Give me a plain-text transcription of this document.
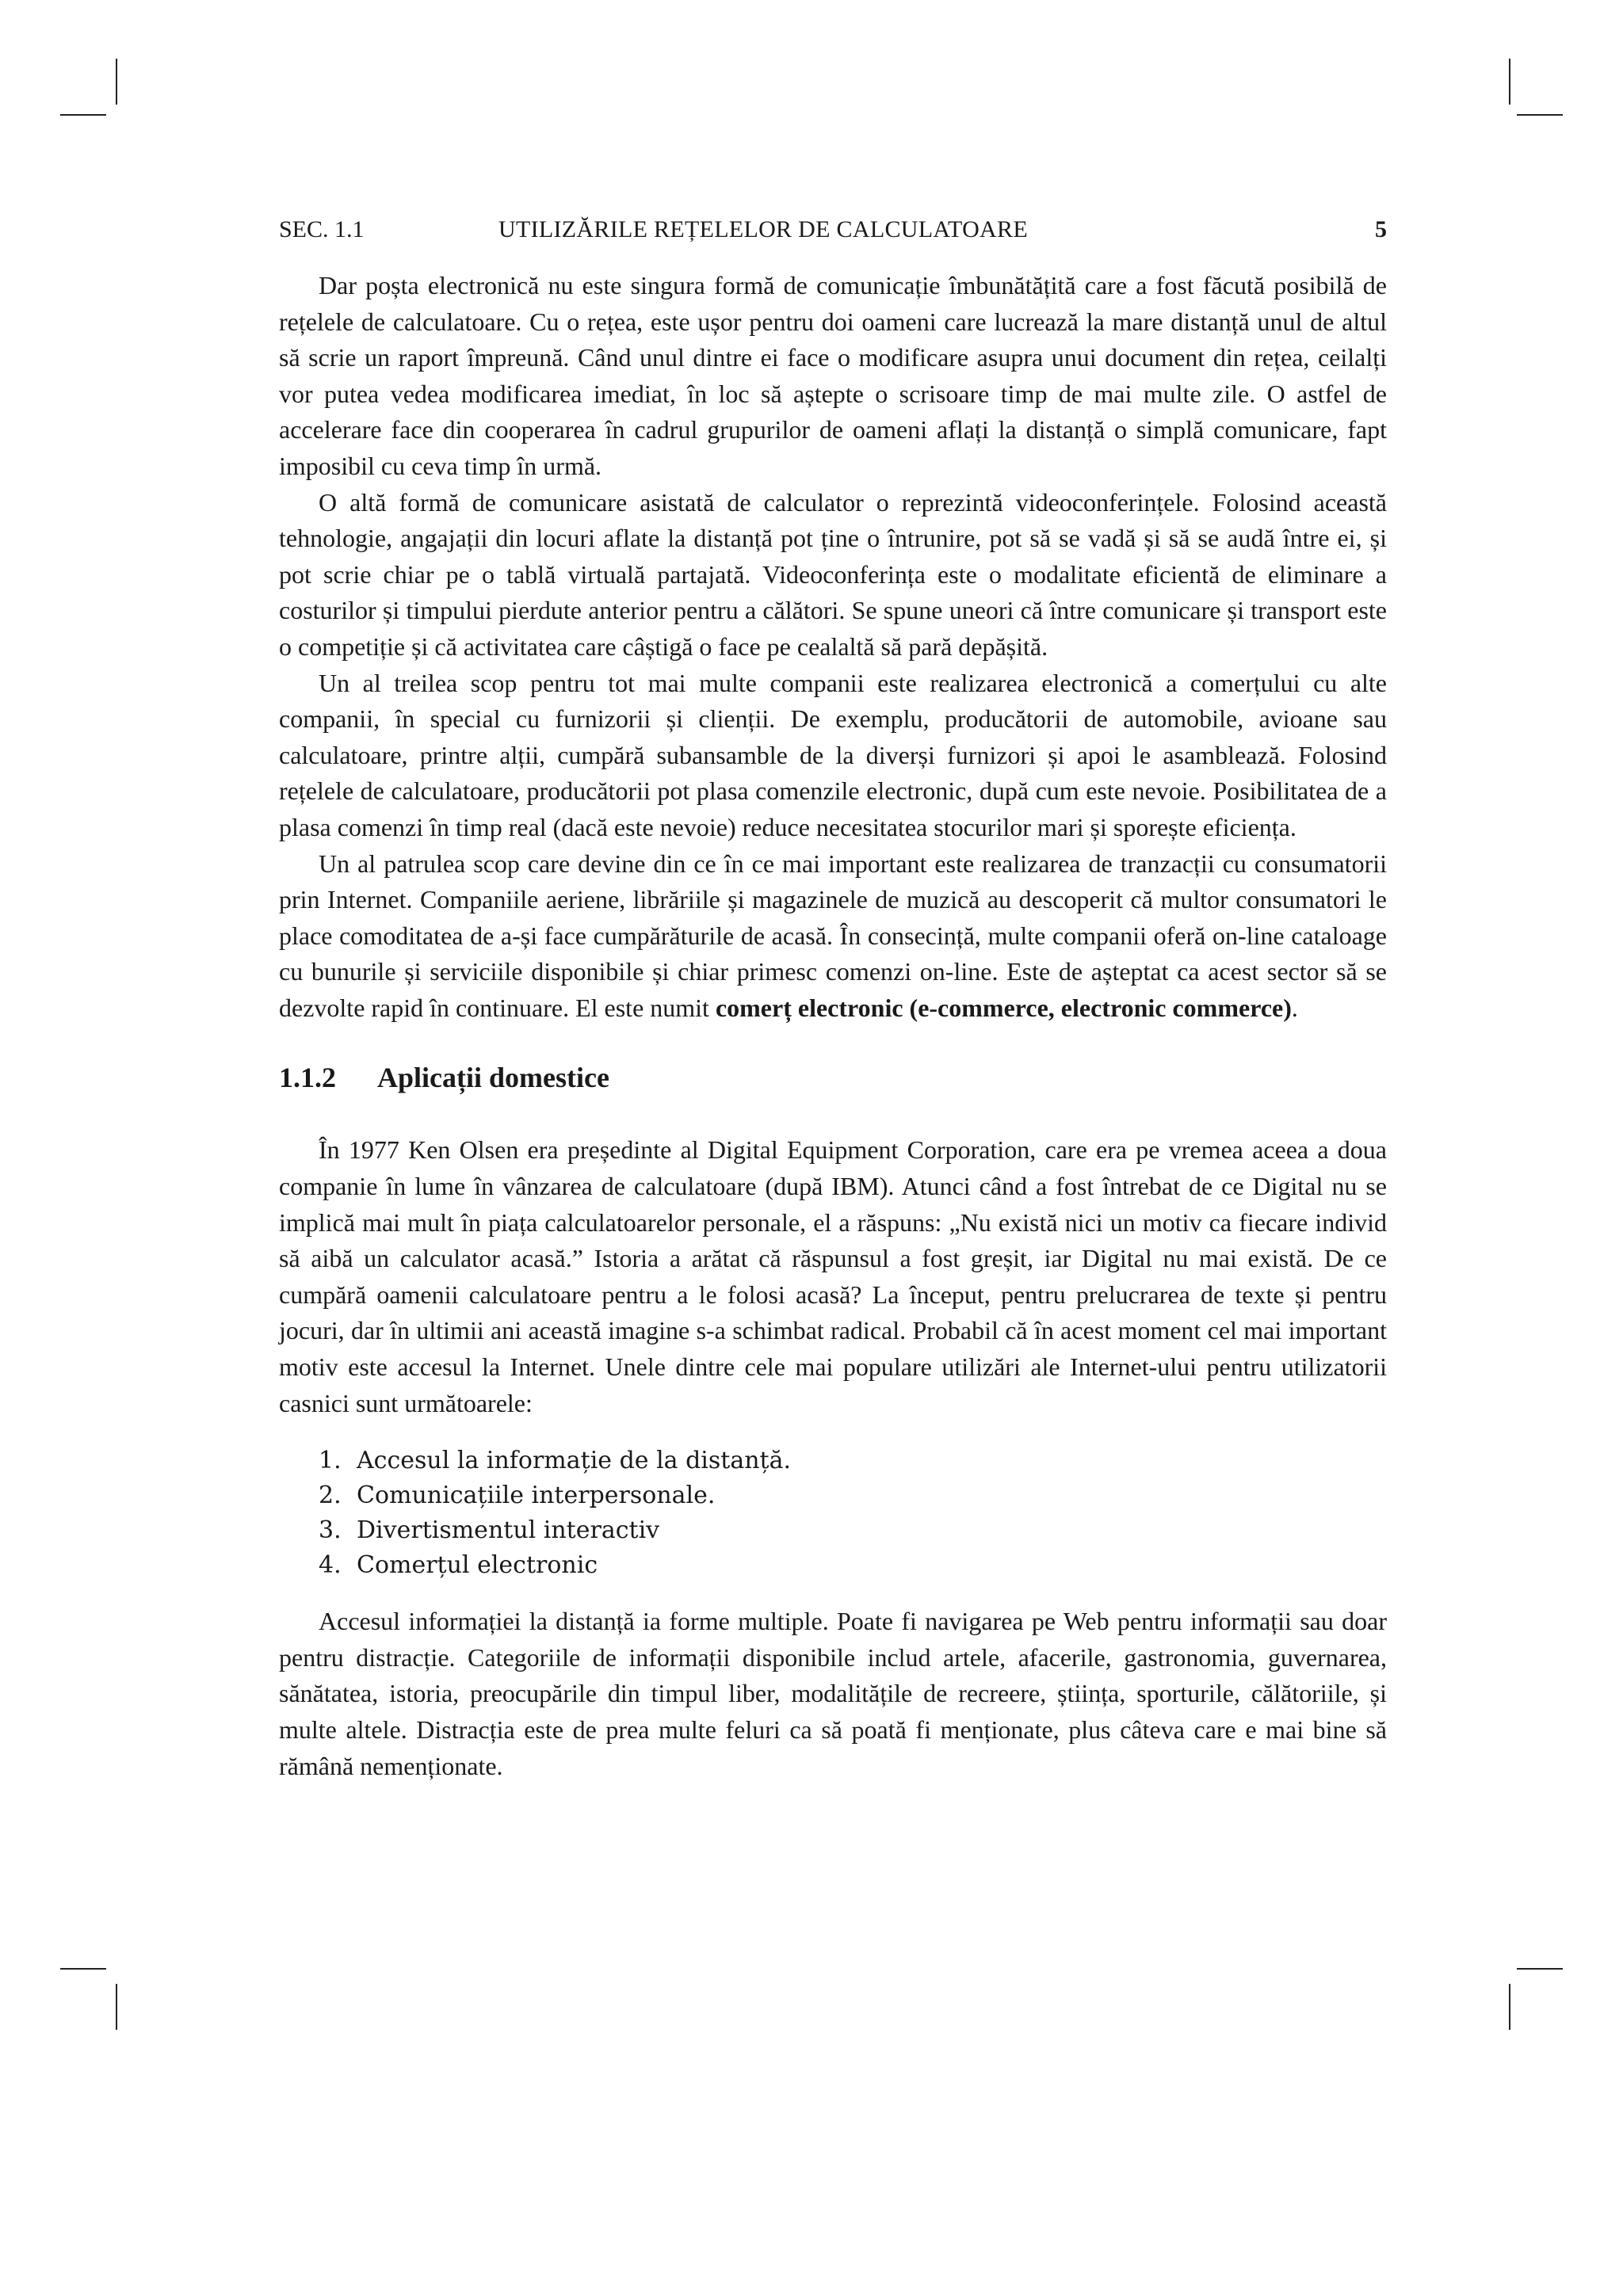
SEC. 1.1	UTILIZĂRILE REȚELELOR DE CALCULATOARE	5

Dar poșta electronică nu este singura formă de comunicație îmbunătățită care a fost făcută posibilă de rețelele de calculatoare. Cu o rețea, este ușor pentru doi oameni care lucrează la mare distanță unul de altul să scrie un raport împreună. Când unul dintre ei face o modificare asupra unui document din rețea, ceilalți vor putea vedea modificarea imediat, în loc să aștepte o scrisoare timp de mai multe zile. O astfel de accelerare face din cooperarea în cadrul grupurilor de oameni aflați la distanță o simplă comunicare, fapt imposibil cu ceva timp în urmă.

O altă formă de comunicare asistată de calculator o reprezintă videoconferințele. Folosind această tehnologie, angajații din locuri aflate la distanță pot ține o întrunire, pot să se vadă și să se audă între ei, și pot scrie chiar pe o tablă virtuală partajată. Videoconferința este o modalitate eficientă de eliminare a costurilor și timpului pierdute anterior pentru a călători. Se spune uneori că între comunicare și transport este o competiție și că activitatea care câștigă o face pe cealaltă să pară depășită.

Un al treilea scop pentru tot mai multe companii este realizarea electronică a comerțului cu alte companii, în special cu furnizorii și clienții. De exemplu, producătorii de automobile, avioane sau calculatoare, printre alții, cumpără subansamble de la diverși furnizori și apoi le asamblează. Folosind rețelele de calculatoare, producătorii pot plasa comenzile electronic, după cum este nevoie. Posibilitatea de a plasa comenzi în timp real (dacă este nevoie) reduce necesitatea stocurilor mari și sporește eficiența.

Un al patrulea scop care devine din ce în ce mai important este realizarea de tranzacții cu consumatorii prin Internet. Companiile aeriene, librăriile și magazinele de muzică au descoperit că multor consumatori le place comoditatea de a-și face cumpărăturile de acasă. În consecință, multe companii oferă on-line cataloage cu bunurile și serviciile disponibile și chiar primesc comenzi on-line. Este de așteptat ca acest sector să se dezvolte rapid în continuare. El este numit comerț electronic (e-commerce, electronic commerce).

1.1.2 Aplicații domestice

În 1977 Ken Olsen era președinte al Digital Equipment Corporation, care era pe vremea aceea a doua companie în lume în vânzarea de calculatoare (după IBM). Atunci când a fost întrebat de ce Digital nu se implică mai mult în piața calculatoarelor personale, el a răspuns: „Nu există nici un motiv ca fiecare individ să aibă un calculator acasă.” Istoria a arătat că răspunsul a fost greșit, iar Digital nu mai există. De ce cumpără oamenii calculatoare pentru a le folosi acasă? La început, pentru prelucrarea de texte și pentru jocuri, dar în ultimii ani această imagine s-a schimbat radical. Probabil că în acest moment cel mai important motiv este accesul la Internet. Unele dintre cele mai populare utilizări ale Internet-ului pentru utilizatorii casnici sunt următoarele:

1. Accesul la informație de la distanță.
2. Comunicațiile interpersonale.
3. Divertismentul interactiv
4. Comerțul electronic

Accesul informației la distanță ia forme multiple. Poate fi navigarea pe Web pentru informații sau doar pentru distracție. Categoriile de informații disponibile includ artele, afacerile, gastronomia, guvernarea, sănătatea, istoria, preocupările din timpul liber, modalitățile de recreere, știința, sporturile, călătoriile, și multe altele. Distracția este de prea multe feluri ca să poată fi menționate, plus câteva care e mai bine să rămână nemenționate.
